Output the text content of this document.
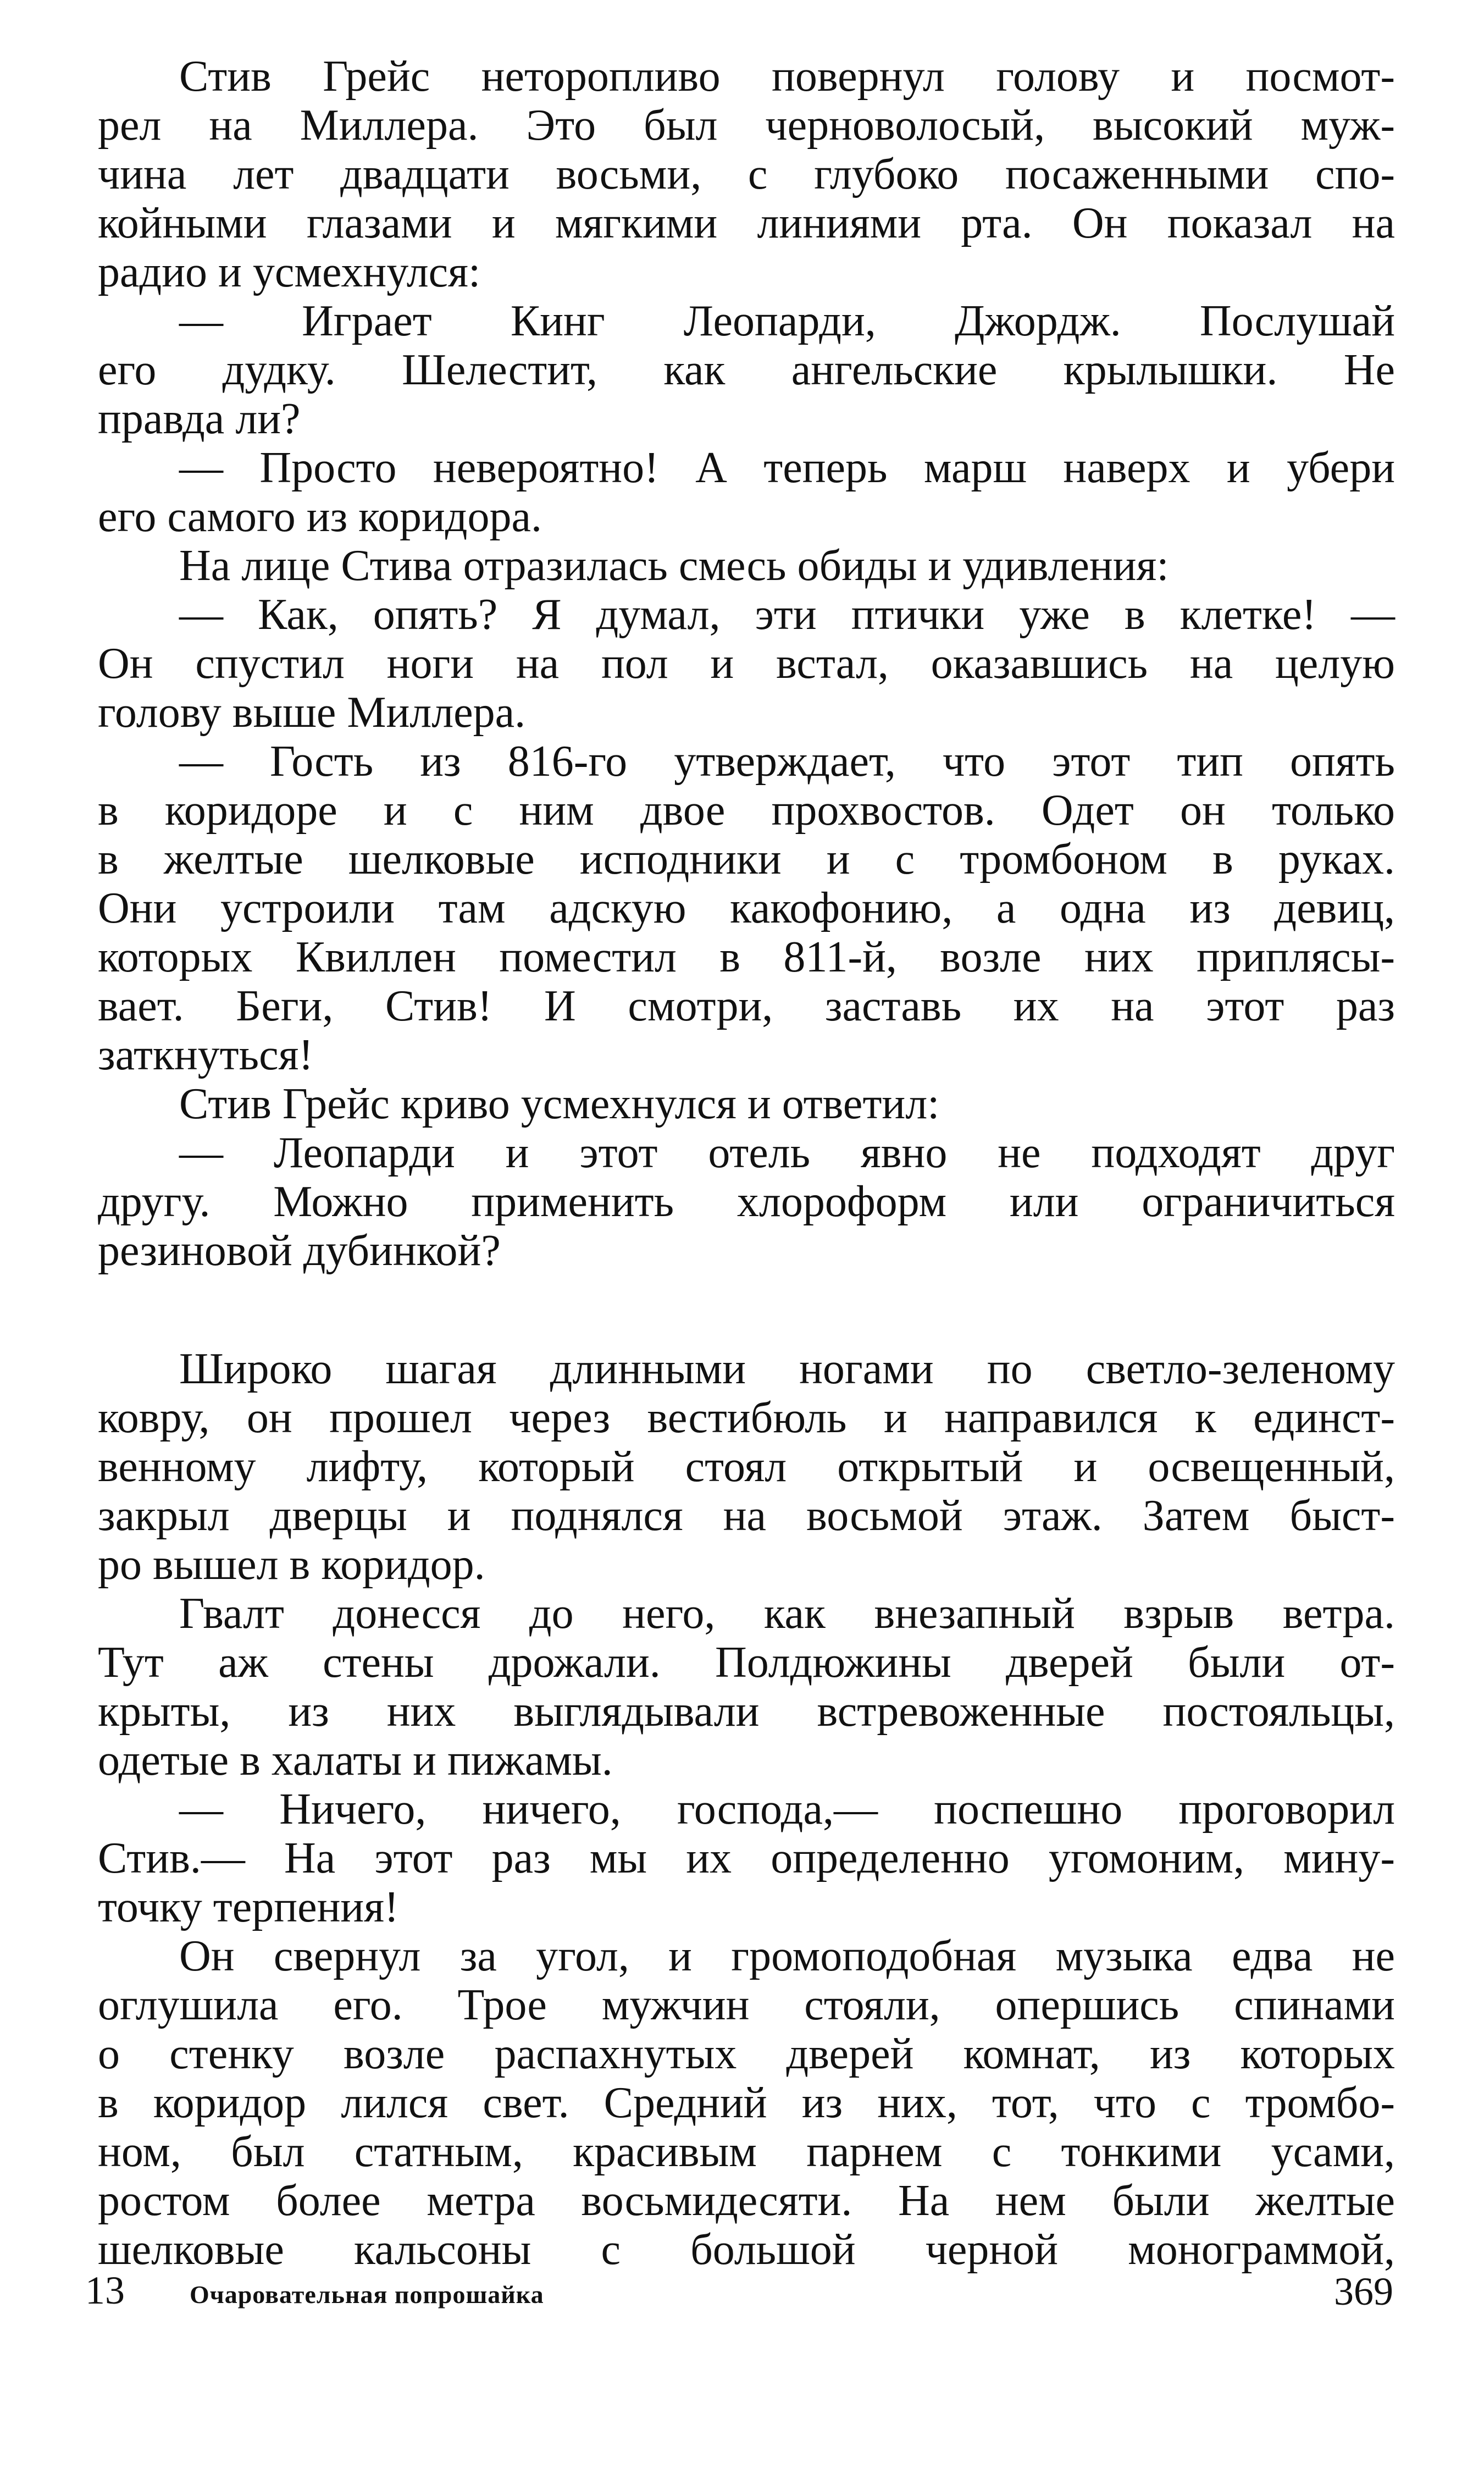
Стив Грейс неторопливо повернул голову и посмот-
рел на Миллера. Это был черноволосый, высокий муж-
чина лет двадцати восьми, с глубоко посаженными спо-
койными глазами и мягкими линиями рта. Он показал на
радио и усмехнулся:

— Играет Кинг Леопарди, Джордж. Послушай
его дудку. Шелестит, как ангельские крылышки. Не
правда ли?

— Просто невероятно! А теперь марш наверх и убери
его самого из коридора.

На лице Стива отразилась смесь обиды и удивления:

— Как, опять? Я думал, эти птички уже в клетке! —
Он спустил ноги на пол и встал, оказавшись на целую
голову выше Миллера.

— Гость из 816-го утверждает, что этот тип опять
в коридоре и с ним двое прохвостов. Одет он только
в желтые шелковые исподники и с тромбоном в руках.
Они устроили там адскую какофонию, а одна из девиц,
которых Квиллен поместил в 811-й, возле них приплясы-
вает. Беги, Стив! И смотри, заставь их на этот раз
заткнуться!

Стив Грейс криво усмехнулся и ответил:

— Леопарди и этот отель явно не подходят друг
другу. Можно применить хлороформ или ограничиться
резиновой дубинкой?

Широко шагая длинными ногами по светло-зеленому
ковру, он прошел через вестибюль и направился к единст-
венному лифту, который стоял открытый и освещенный,
закрыл дверцы и поднялся на восьмой этаж. Затем быст-
ро вышел в коридор.

Гвалт донесся до него, как внезапный взрыв ветра.
Тут аж стены дрожали. Полдюжины дверей были от-
крыты, из них выглядывали встревоженные постояльцы,
одетые в халаты и пижамы.

— Ничего, ничего, господа,— поспешно проговорил
Стив.— На этот раз мы их определенно угомоним, мину-
точку терпения!

Он свернул за угол, и громоподобная музыка едва не
оглушила его. Трое мужчин стояли, опершись спинами
о стенку возле распахнутых дверей комнат, из которых
в коридор лился свет. Средний из них, тот, что с тромбо-
ном, был статным, красивым парнем с тонкими усами,
ростом более метра восьмидесяти. На нем были желтые
шелковые кальсоны с большой черной монограммой,

13	Очаровательная попрошайка	369
